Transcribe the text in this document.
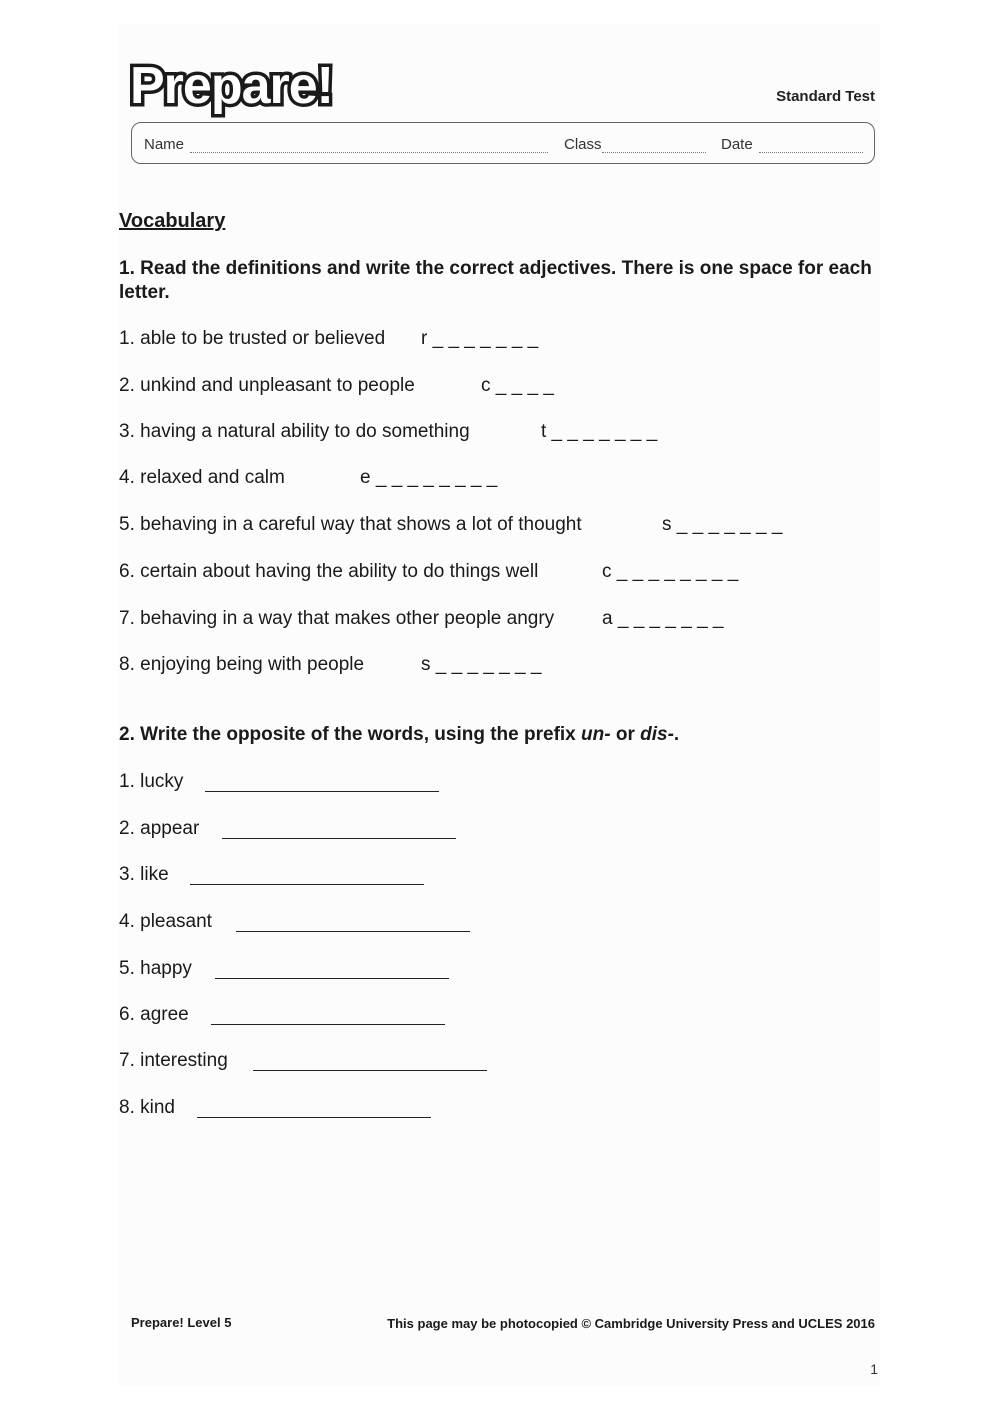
Prepare!	Standard Test
Name	Class	Date
Vocabulary
1. Read the definitions and write the correct adjectives. There is one space for each letter.
1. able to be trusted or believed r _ _ _ _ _ _ _
2. unkind and unpleasant to people	c _ _ _ _
3. having a natural ability to do something	t _ _ _ _ _ _ _
4. relaxed and calm	e _ _ _ _ _ _ _ _
5. behaving in a careful way that shows a lot of thought	s _ _ _ _ _ _ _
6. certain about having the ability to do things well	c _ _ _ _ _ _ _ _
7. behaving in a way that makes other people angry	a _ _ _ _ _ _ _
8. enjoying being with people	s _ _ _ _ _ _ _
2. Write the opposite of the words, using the prefix un- or dis-.
1. lucky
2. appear
3. like
4. pleasant
5. happy
6. agree
7. interesting
8. kind
Prepare! Level 5	This page may be photocopied © Cambridge University Press and UCLES 2016
1
